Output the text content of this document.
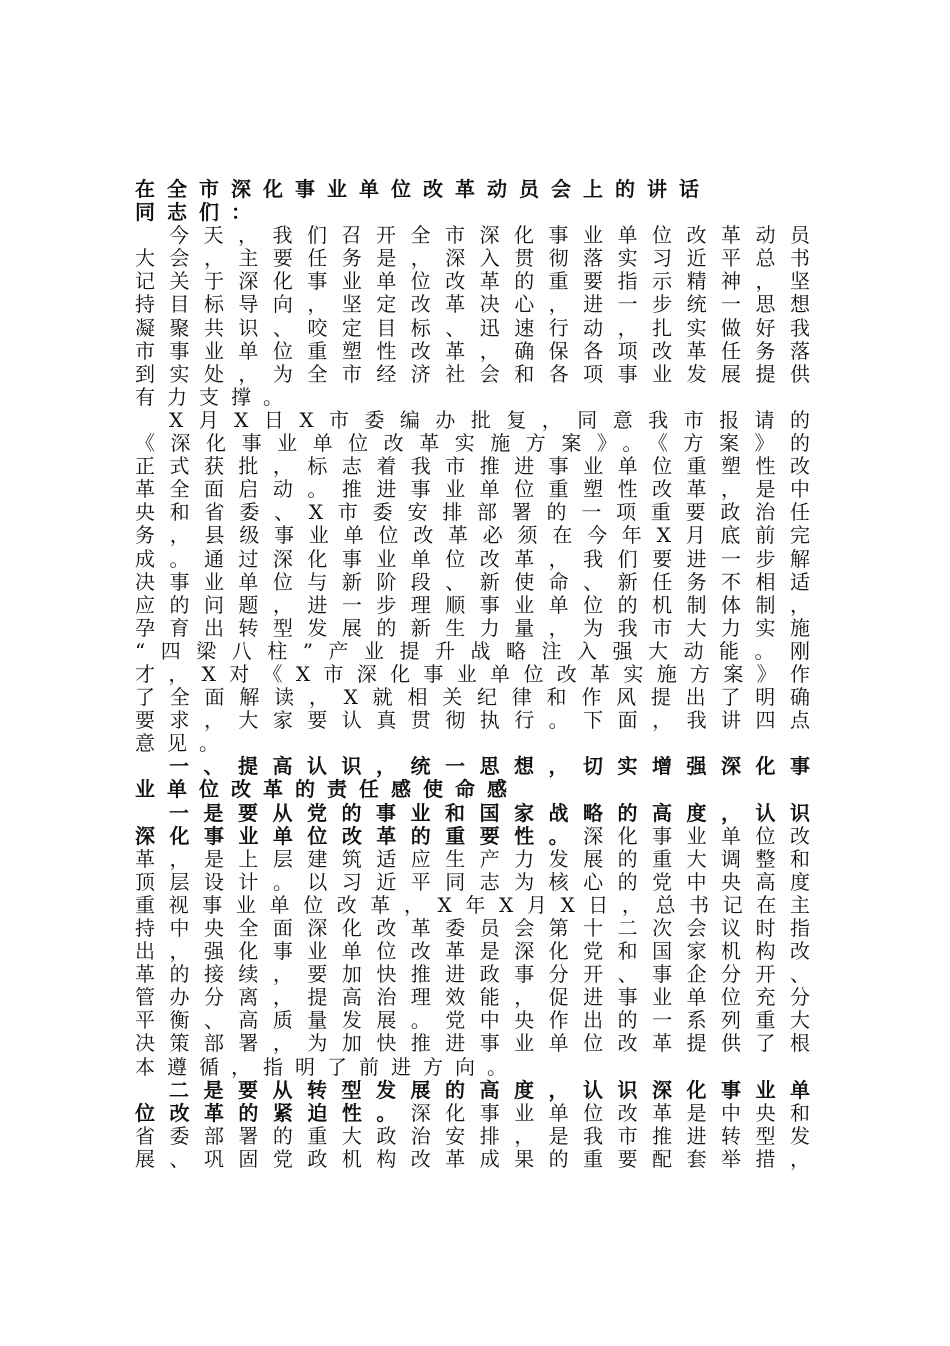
在全市深化事业单位改革动员会上的讲话
同志们：
今天，我们召开全市深化事业单位改革动员
大会，主要任务是，深入贯彻落实习近平总书
记关于深化事业单位改革的重要指示精神，坚
持目标导向，坚定改革决心，进一步统一思想
凝聚共识、咬定目标、迅速行动，扎实做好我
市事业单位重塑性改革，确保各项改革任务落
到实处，为全市经济社会和各项事业发展提供
有力支撑。
X月X日X市委编办批复，同意我市报请的
《深化事业单位改革实施方案》。《方案》的
正式获批，标志着我市推进事业单位重塑性改
革全面启动。推进事业单位重塑性改革，是中
央和省委、X市委安排部署的一项重要政治任
务，县级事业单位改革必须在今年X月底前完
成。通过深化事业单位改革，我们要进一步解
决事业单位与新阶段、新使命、新任务不相适
应的问题，进一步理顺事业单位的机制体制，
孕育出转型发展的新生力量，为我市大力实施
“四梁八柱”产业提升战略注入强大动能。刚
才，X对《X市深化事业单位改革实施方案》作
了全面解读，X就相关纪律和作风提出了明确
要求，大家要认真贯彻执行。下面，我讲四点
意见。
一、提高认识，统一思想，切实增强深化事
业单位改革的责任感使命感
一是要从党的事业和国家战略的高度，认识
深化事业单位改革的重要性。深化事业单位改
革，是上层建筑适应生产力发展的重大调整和
顶层设计。以习近平同志为核心的党中央高度
重视事业单位改革，X年X月X日，总书记在主
持中央全面深化改革委员会第十二次会议时指
出，强化事业单位改革是深化党和国家机构改
革的接续，要加快推进政事分开、事企分开、
管办分离，提高治理效能，促进事业单位充分
平衡、高质量发展。党中央作出的一系列重大
决策部署，为加快推进事业单位改革提供了根
本遵循，指明了前进方向。
二是要从转型发展的高度，认识深化事业单
位改革的紧迫性。深化事业单位改革是中央和
省委部署的重大政治安排，是我市推进转型发
展、巩固党政机构改革成果的重要配套举措，
